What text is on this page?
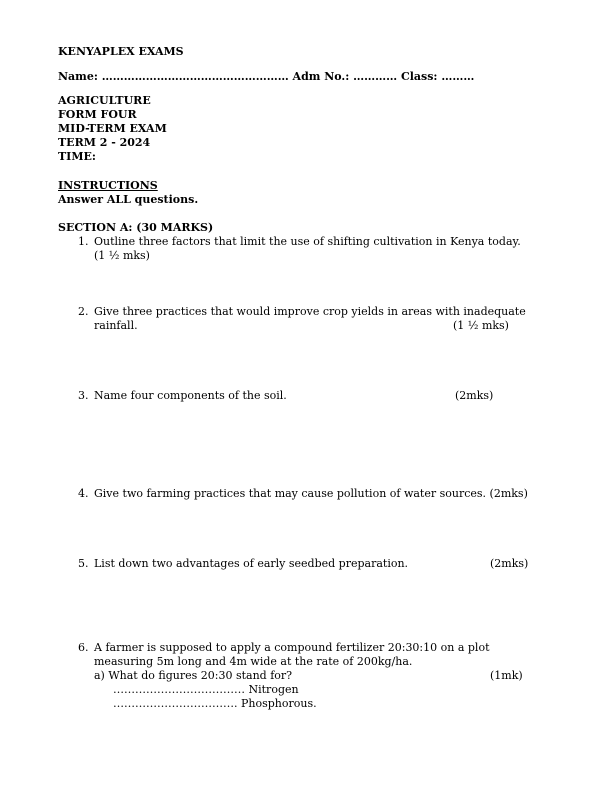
KENYAPLEX EXAMS
Name: …………………………………………… Adm No.: ………… Class: ………
AGRICULTURE
FORM FOUR
MID-TERM EXAM
TERM 2 - 2024
TIME:
INSTRUCTIONS
Answer ALL questions.
SECTION A: (30 MARKS)
1. Outline three factors that limit the use of shifting cultivation in Kenya today.
(1 ½ mks)
2. Give three practices that would improve crop yields in areas with inadequate
rainfall.	(1 ½ mks)
3. Name four components of the soil.	(2mks)
4. Give two farming practices that may cause pollution of water sources. (2mks)
5. List down two advantages of early seedbed preparation.	(2mks)
6. A farmer is supposed to apply a compound fertilizer 20:30:10 on a plot
measuring 5m long and 4m wide at the rate of 200kg/ha.
a) What do figures 20:30 stand for?	(1mk)
……………………………… Nitrogen
……………………………. Phosphorous.
